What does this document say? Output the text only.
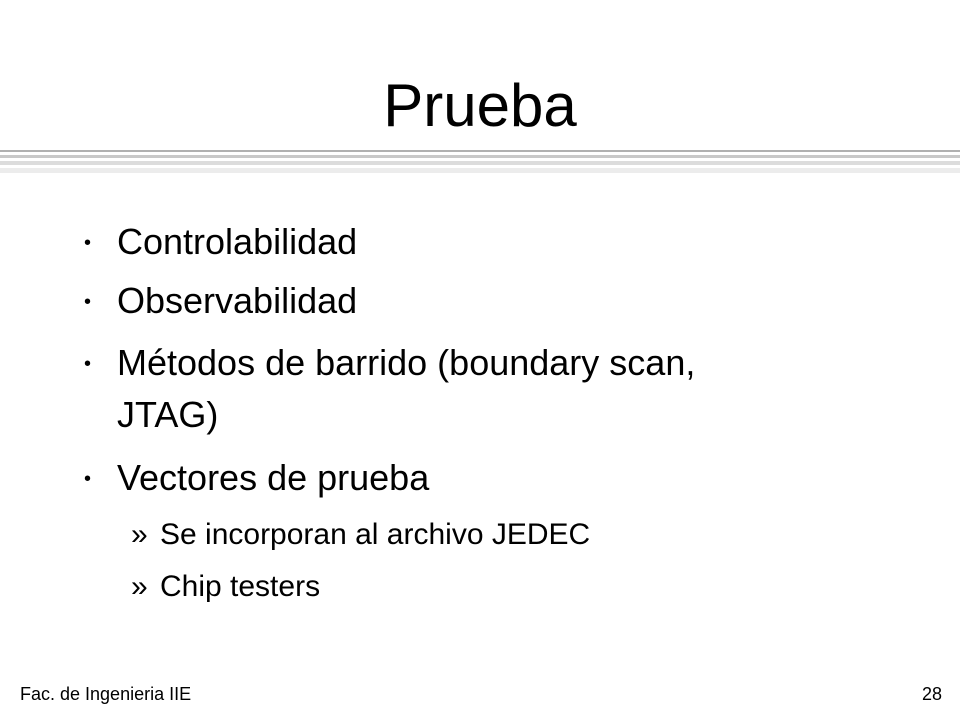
Prueba
• Controlabilidad
• Observabilidad
• Métodos de barrido (boundary scan,
JTAG)
• Vectores de prueba
» Se incorporan al archivo JEDEC
» Chip testers
Fac. de Ingenieria IIE	28
